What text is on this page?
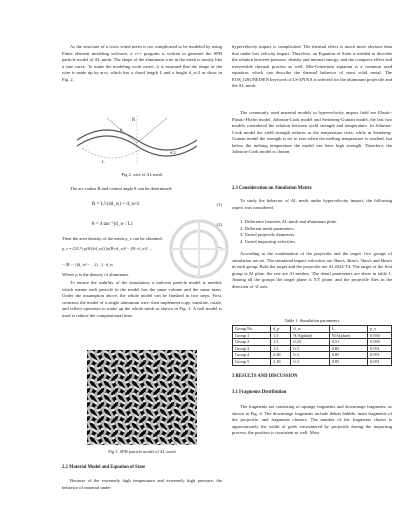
As the structure of a cross wired mesh is too complicated to be modeled by using Finite element modeling software, a c++ program is written to generate the SPH particle model of AL mesh. The shape of the aluminum wire in the mesh is mostly like a sine curve. To make the modeling work easier, it is assumed that the shape of the wire is made up by arcs, which has a chord length L and a height d_w/2 as show in Fig. 2.

R
θ
d/2
L

Fig 2. wire of AL mesh

The arc radius R and central angle θ can be determined.

R = L²/(4d_w) + d_w/4	(1)
θ = 4 tan⁻¹(d_w / L)	(2)

Then the area density of the mesh ρ_s can be obtained:

ρ_s = (2/L²)·ρ(θ/(4d_w)) [π(R+d_w)² − (R−d_w)² ...
− (R − √(d_w² − ...)) ...] ·d_w

Where ρ is the density of aluminum.

To ensure the stability of the simulation, a uniform particle model is needed, which means each particle in the model has the same volume and the same mass. Under the assumption above, the whole model can be finished in two steps. First, construct the model of a single aluminum wire, then implement copy, translate, rotate, and reflect operation to make up the whole mesh as shown in Fig. 3. A half model is used to reduce the computational time.

Fig 3. SPH particle model of AL mesh

2.2 Material Model and Equation of State

Because of the extremely high temperature and extremely high pressure, the behavior of material under

hypervelocity impact is complicated. The thermal effect is much more obvious than that under low velocity impact. Therefore, an Equation of State is needed to describe the relation between pressure, density and internal energy, and the compress effect and irreversible thermal process as well. Mie-Grüneisen equation is a common used equation, which can describe the thermal behavior of most solid metal. The EOS_GRUNEISEN keyword of LS-DYNA is selected for the aluminum projectile and the AL mesh.

The commonly used material models in hypervelocity impact field are Elastic-Plastic-Hydro model, Johnson-Cook model and Steinberg-Guinan model, the last two models considered the relation between yield strength and temperature. In Johnson-Cook model the yield strength reduces as the temperature rises, while in Steinberg-Guinan model the strength is set to zero when the melting temperature is reached, but below the melting temperature the model can have high strength. Therefore, the Johnson-Cook model is chosen.

2.3 Consideration on Simulation Matrix

To study the behavior of AL mesh under hypervelocity impact, the following aspect was considered.

1. Difference between AL mesh and aluminum plate.

2. Different mesh parameters.

3. Varied projectile diameters.

4. Varied impacting velocities.

According to the combination of the projectile and the target, five groups of simulation are set. The simulated impact velocities are 3km/s, 4km/s, 5km/s and 6km/s in each group. Both the target and the projectile are Al 2024-T4. The target of the first group is Al plate, the rest are Al meshes. The detail parameters are show in table 1. Among all the groups the target plane is XY plane, and the projectile flies in the direction of -Z axis.

Table 1. Simulation parameters

Group No.	d_p	d_w	L	ρ_s
Group 1	1.5	N/A(plate)	N/A(plate)	0.030
Group 2	1.5	0.23	0.51	0.050
Group 3	1.5	0.3	0.85	0.051
Group 4	2.38	0.3	0.85	0.051
Group 5	3.18	0.3	0.85	0.051

3 RESULTS AND DISCUSSION

3.1 Fragments Distribution

The fragments are consisting of upstage fragments and downrange fragments, as shown in Fig. 4. The downrange fragments include debris bubble, main fragments of the projectile, and fragments clusters. The number of the fragments cluster is approximately the width of grids encountered by projectile during the impacting process, the position is consistent as well. Most
